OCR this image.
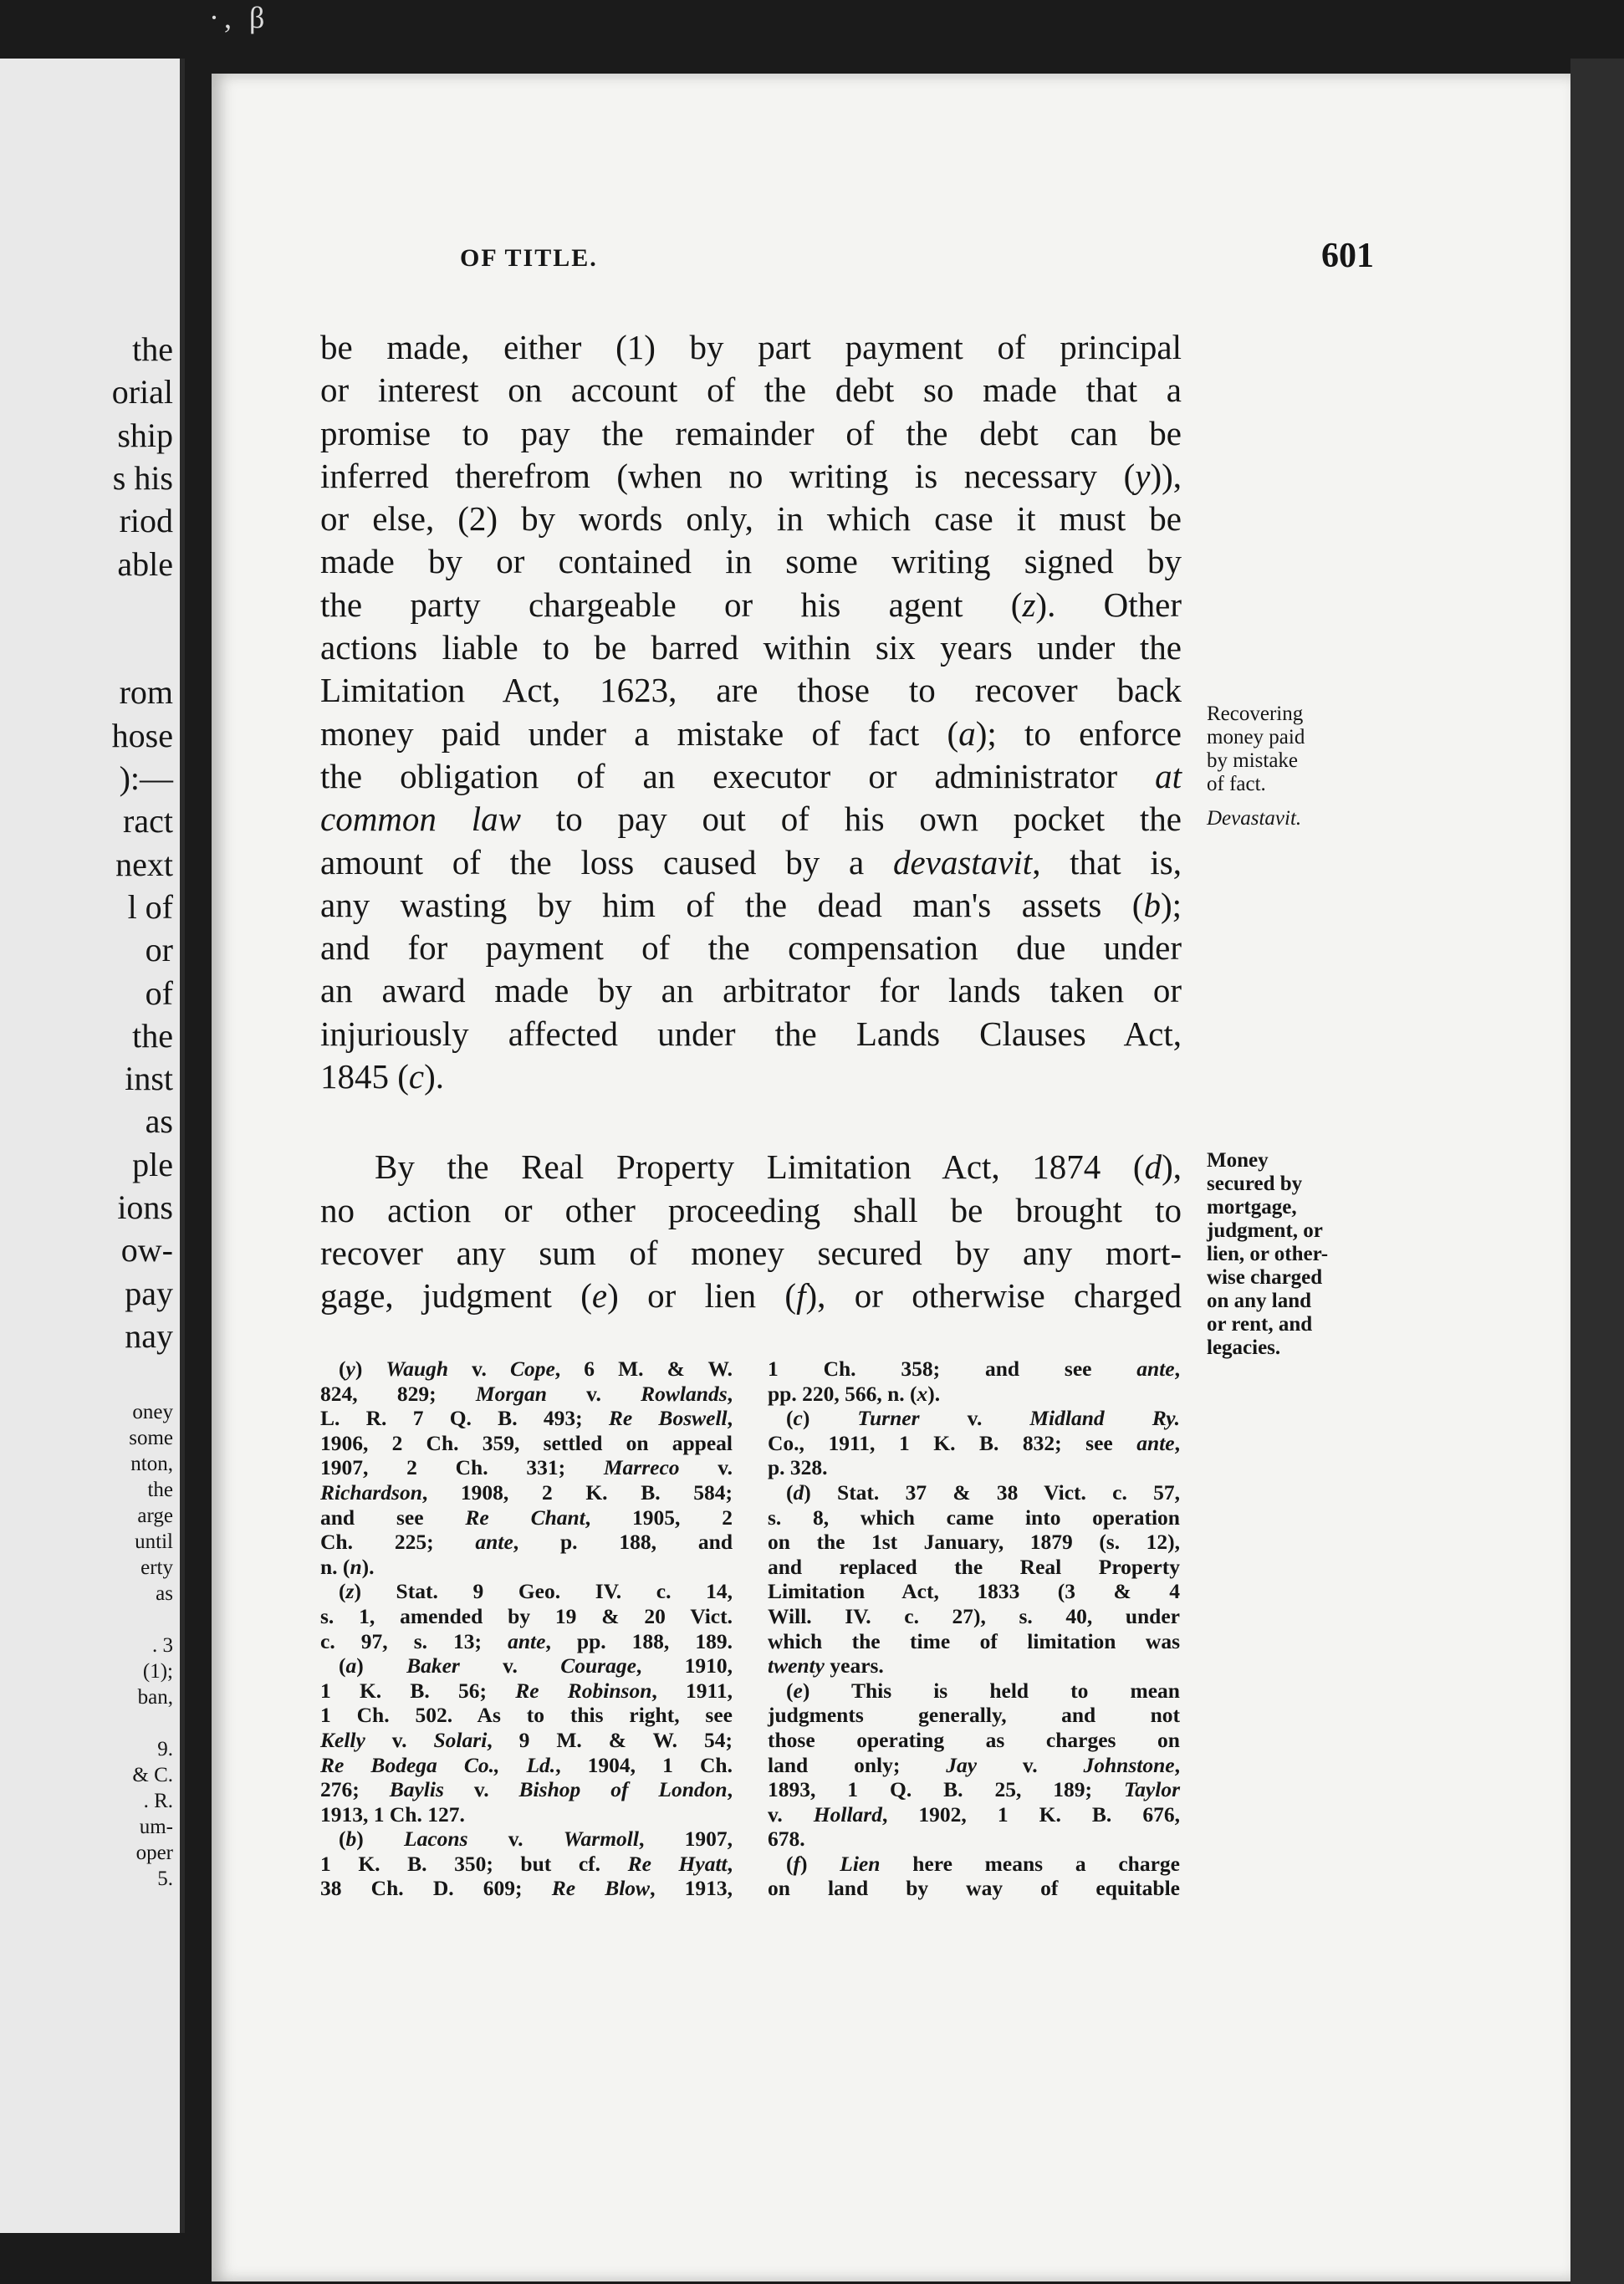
·, β
the
orial
ship
s his
riod
able
rom
hose
):—
ract
next
l of
or
of
the
inst
as
ple
ions
ow-
pay
nay
oney
some
nton,
the
arge
until
erty
as
. 3
(1);
ban,
9.
& C.
. R.
um-
oper
5.
OF TITLE.	601
be made, either (1) by part payment of principal
or interest on account of the debt so made that a
promise to pay the remainder of the debt can be
inferred therefrom (when no writing is necessary (y)),
or else, (2) by words only, in which case it must be
made by or contained in some writing signed by
the party chargeable or his agent (z). Other
actions liable to be barred within six years under the
Limitation Act, 1623, are those to recover back
money paid under a mistake of fact (a); to enforce
the obligation of an executor or administrator at
common law to pay out of his own pocket the
amount of the loss caused by a devastavit, that is,
any wasting by him of the dead man's assets (b);
and for payment of the compensation due under
an award made by an arbitrator for lands taken or
injuriously affected under the Lands Clauses Act,
1845 (c).
By the Real Property Limitation Act, 1874 (d),
no action or other proceeding shall be brought to
recover any sum of money secured by any mort-
gage, judgment (e) or lien (f), or otherwise charged
Recovering
money paid
by mistake
of fact.
Devastavit.
Money
secured by
mortgage,
judgment, or
lien, or other-
wise charged
on any land
or rent, and
legacies.
(y) Waugh v. Cope, 6 M. & W.
824, 829; Morgan v. Rowlands,
L. R. 7 Q. B. 493; Re Boswell,
1906, 2 Ch. 359, settled on appeal
1907, 2 Ch. 331; Marreco v.
Richardson, 1908, 2 K. B. 584;
and see Re Chant, 1905, 2
Ch. 225; ante, p. 188, and
n. (n).
(z) Stat. 9 Geo. IV. c. 14,
s. 1, amended by 19 & 20 Vict.
c. 97, s. 13; ante, pp. 188, 189.
(a) Baker v. Courage, 1910,
1 K. B. 56; Re Robinson, 1911,
1 Ch. 502. As to this right, see
Kelly v. Solari, 9 M. & W. 54;
Re Bodega Co., Ld., 1904, 1 Ch.
276; Baylis v. Bishop of London,
1913, 1 Ch. 127.
(b) Lacons v. Warmoll, 1907,
1 K. B. 350; but cf. Re Hyatt,
38 Ch. D. 609; Re Blow, 1913,
1 Ch. 358; and see ante,
pp. 220, 566, n. (x).
(c) Turner v. Midland Ry.
Co., 1911, 1 K. B. 832; see ante,
p. 328.
(d) Stat. 37 & 38 Vict. c. 57,
s. 8, which came into operation
on the 1st January, 1879 (s. 12),
and replaced the Real Property
Limitation Act, 1833 (3 & 4
Will. IV. c. 27), s. 40, under
which the time of limitation was
twenty years.
(e) This is held to mean
judgments generally, and not
those operating as charges on
land only; Jay v. Johnstone,
1893, 1 Q. B. 25, 189; Taylor
v. Hollard, 1902, 1 K. B. 676,
678.
(f) Lien here means a charge
on land by way of equitable
